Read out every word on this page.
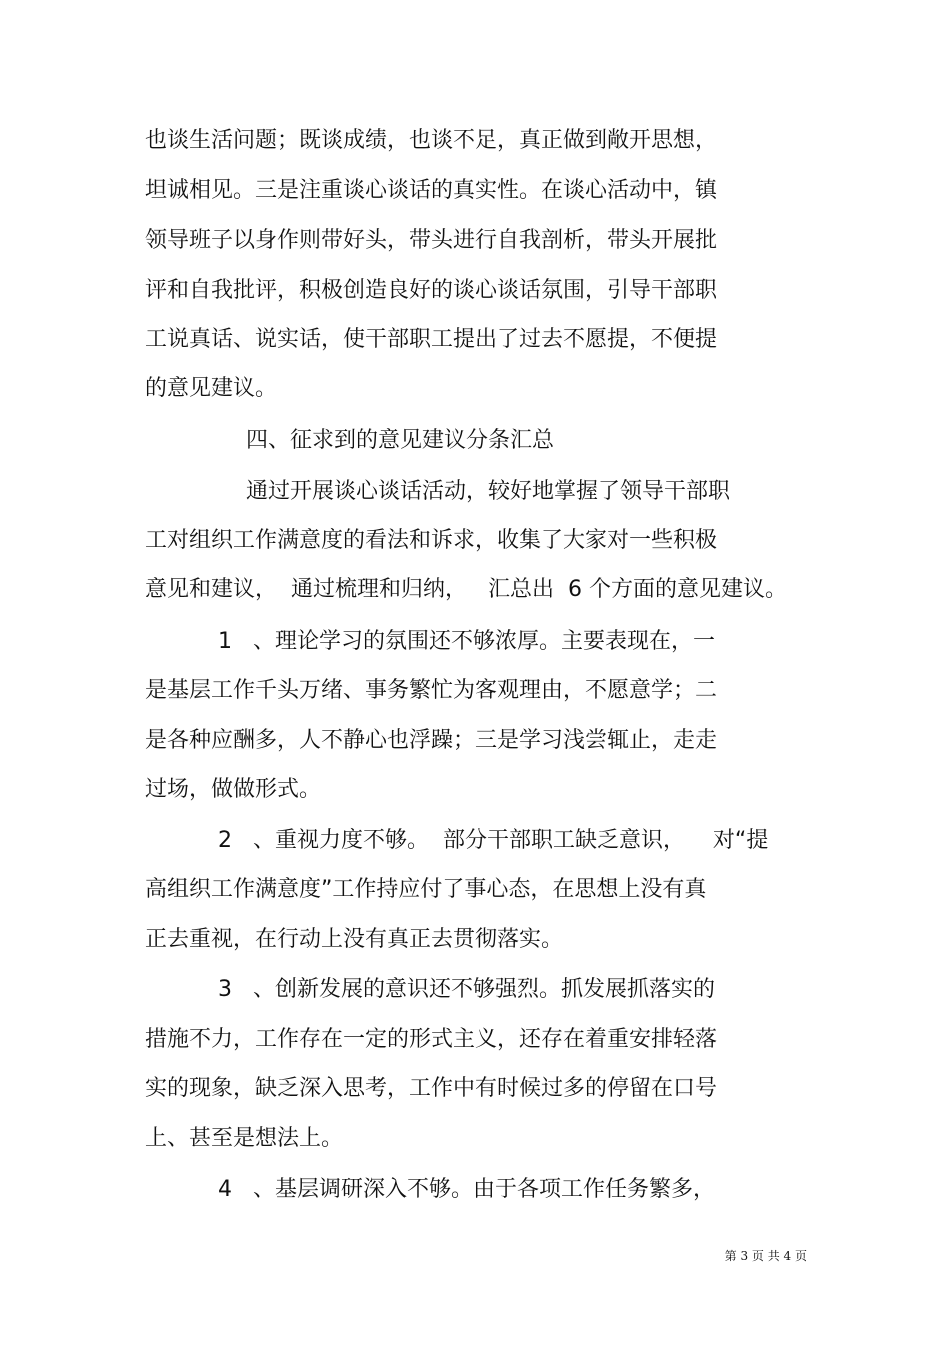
也谈生活问题；既谈成绩，也谈不足，真正做到敞开思想，
坦诚相见。三是注重谈心谈话的真实性。在谈心活动中，镇
领导班子以身作则带好头，带头进行自我剖析，带头开展批
评和自我批评，积极创造良好的谈心谈话氛围，引导干部职
工说真话、说实话，使干部职工提出了过去不愿提，不便提
的意见建议。
四、征求到的意见建议分条汇总
通过开展谈心谈话活动，较好地掌握了领导干部职
工对组织工作满意度的看法和诉求，收集了大家对一些积极
意见和建议，  通过梳理和归纳，   汇总出  6 个方面的意见建议。
1   、理论学习的氛围还不够浓厚。主要表现在，一
是基层工作千头万绪、事务繁忙为客观理由，不愿意学；二
是各种应酬多，人不静心也浮躁；三是学习浅尝辄止，走走
过场，做做形式。
2   、重视力度不够。  部分干部职工缺乏意识，    对“提
高组织工作满意度”工作持应付了事心态，在思想上没有真
正去重视，在行动上没有真正去贯彻落实。
3   、创新发展的意识还不够强烈。抓发展抓落实的
措施不力，工作存在一定的形式主义，还存在着重安排轻落
实的现象，缺乏深入思考，工作中有时候过多的停留在口号
上、甚至是想法上。
4   、基层调研深入不够。由于各项工作任务繁多，
第 3 页 共 4 页
